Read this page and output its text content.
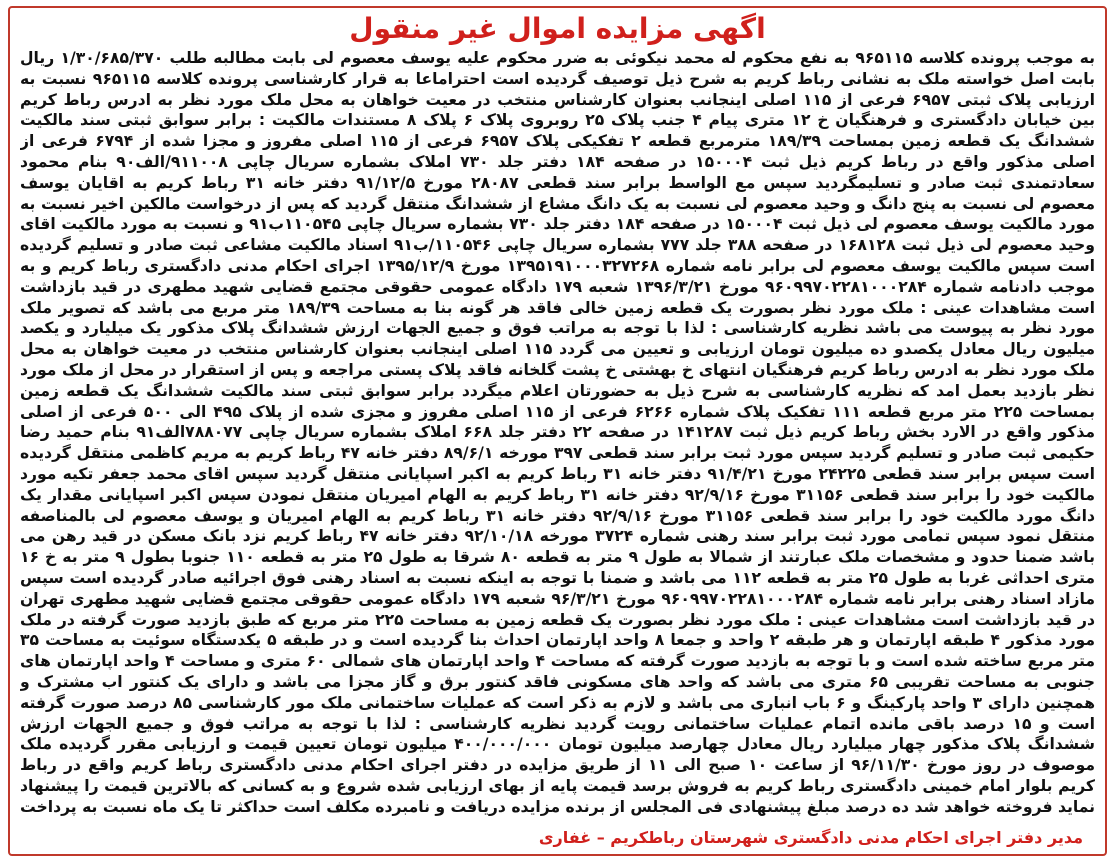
اگهی مزایده اموال غیر منقول

به موجب پرونده کلاسه ۹۶۵۱۱۵ به نفع محکوم له محمد نیکوئی به ضرر محکوم علیه یوسف معصوم لی بابت مطالبه طلب ۱/۳۰/۶۸۵/۳۷۰ ریال بابت اصل خواسته ملک به نشانی رباط کریم به شرح ذیل توصیف گردیده است احتراماعا به قرار کارشناسی پرونده کلاسه ۹۶۵۱۱۵ نسبت به ارزیابی پلاک ثبتی ۶۹۵۷ فرعی از ۱۱۵ اصلی اینجانب بعنوان کارشناس منتخب در معیت خواهان به محل ملک مورد نظر به ادرس رباط کریم بین خیابان دادگستری و فرهنگیان خ ۱۲ متری پیام ۴ جنب پلاک ۲۵ روبروی پلاک ۶ پلاک ۸ مستندات مالکیت : برابر سوابق ثبتی سند مالکیت ششدانگ یک قطعه زمین بمساحت ۱۸۹/۳۹ مترمربع قطعه ۲ تفکیکی پلاک ۶۹۵۷ فرعی از ۱۱۵ اصلی مفروز و مجزا شده از ۶۷۹۴ فرعی از اصلی مذکور واقع در رباط کریم ذیل ثبت ۱۵۰۰۰۴ در صفحه ۱۸۴ دفتر جلد ۷۳۰ املاک بشماره سریال چاپی ۹۱۱۰۰۸/الف۹۰ بنام محمود سعادتمندی ثبت صادر و تسلیمگردید سپس مع الواسط برابر سند قطعی ۲۸۰۸۷ مورخ ۹۱/۱۲/۵ دفتر خانه ۳۱ رباط کریم به اقایان یوسف معصوم لی نسبت به پنج دانگ و وحید معصوم لی نسبت به یک دانگ مشاع از ششدانگ منتقل گردید که پس از درخواست مالکین اخیر نسبت به مورد مالکیت یوسف معصوم لی ذیل ثبت ۱۵۰۰۰۴ در صفحه ۱۸۴ دفتر جلد ۷۳۰ بشماره سریال چاپی ۱۱۰۵۴۵ب۹۱ و نسبت به مورد مالکیت اقای وحید معصوم لی ذیل ثبت ۱۶۸۱۲۸ در صفحه ۳۸۸ جلد ۷۷۷ بشماره سریال چاپی ۱۱۰۵۴۶/ب۹۱ اسناد مالکیت مشاعی ثبت صادر و تسلیم گردیده است سپس مالکیت یوسف معصوم لی برابر نامه شماره ۱۳۹۵۱۹۱۰۰۰۳۲۷۲۶۸ مورخ ۱۳۹۵/۱۲/۹ اجرای احکام مدنی دادگستری رباط کریم و به موجب دادنامه شماره ۹۶۰۹۹۷۰۲۲۸۱۰۰۰۲۸۴ مورخ ۱۳۹۶/۳/۲۱ شعبه ۱۷۹ دادگاه عمومی حقوقی مجتمع قضایی شهید مطهری در قید بازداشت است مشاهدات عینی : ملک مورد نظر بصورت یک قطعه زمین خالی فاقد هر گونه بنا به مساحت ۱۸۹/۳۹ متر مربع می باشد که تصویر ملک مورد نظر به پیوست می باشد نظریه کارشناسی : لذا با توجه به مراتب فوق و جمیع الجهات ارزش ششدانگ پلاک مذکور یک میلیارد و یکصد میلیون ریال معادل یکصدو ده میلیون تومان ارزیابی و تعیین می گردد ۱۱۵ اصلی اینجانب بعنوان کارشناس منتخب در معیت خواهان به محل ملک مورد نظر به ادرس رباط کریم فرهنگیان انتهای خ بهشتی خ پشت گلخانه فاقد پلاک پستی مراجعه و پس از استقرار در محل از ملک مورد نظر بازدید بعمل امد که نظریه کارشناسی به شرح ذیل به حضورتان اعلام میگردد برابر سوابق ثبتی سند مالکیت ششدانگ یک قطعه زمین بمساحت ۲۲۵ متر مربع قطعه ۱۱۱ تفکیک پلاک شماره ۶۲۶۶ فرعی از ۱۱۵ اصلی مفروز و مجزی شده از پلاک ۴۹۵ الی ۵۰۰ فرعی از اصلی مذکور واقع در الارد بخش رباط کریم ذیل ثبت ۱۴۱۲۸۷ در صفحه ۲۲ دفتر جلد ۶۶۸ املاک بشماره سریال چاپی ۷۸۸۰۷۷الف۹۱ بنام حمید رضا حکیمی ثبت صادر و تسلیم گردید سپس مورد ثبت برابر سند قطعی ۳۹۷ مورخه ۸۹/۶/۱ دفتر خانه ۴۷ رباط کریم به مریم کاظمی منتقل گردیده است سپس برابر سند قطعی ۲۴۲۲۵ مورخ ۹۱/۴/۲۱ دفتر خانه ۳۱ رباط کریم به اکبر اسپایانی منتقل گردید سپس اقای محمد جعفر تکیه مورد مالکیت خود را برابر سند قطعی ۳۱۱۵۶ مورخ ۹۲/۹/۱۶ دفتر خانه ۳۱ رباط کریم به الهام امیریان منتقل نمودن سپس اکبر اسپایانی مقدار یک دانگ مورد مالکیت خود را برابر سند قطعی ۳۱۱۵۶ مورخ ۹۲/۹/۱۶ دفتر خانه ۳۱ رباط کریم به الهام امیریان و یوسف معصوم لی بالمناصفه منتقل نمود سپس تمامی مورد ثبت برابر سند رهنی شماره ۳۷۲۴ مورخه ۹۲/۱۰/۱۸ دفتر خانه ۴۷ رباط کریم نزد بانک مسکن در قید رهن می باشد ضمنا حدود و مشخصات ملک عبارتند از شمالا به طول ۹ متر به قطعه ۸۰ شرقا به طول ۲۵ متر به قطعه ۱۱۰ جنوبا بطول ۹ متر به خ ۱۶ متری احداثی غربا به طول ۲۵ متر به قطعه ۱۱۲ می باشد و ضمنا با توجه به اینکه نسبت به اسناد رهنی فوق اجرائیه صادر گردیده است سپس مازاد اسناد رهنی برابر نامه شماره ۹۶۰۹۹۷۰۲۲۸۱۰۰۰۲۸۴ مورخ ۹۶/۳/۲۱ شعبه ۱۷۹ دادگاه عمومی حقوقی مجتمع قضایی شهید مطهری تهران در قید بازداشت است مشاهدات عینی : ملک مورد نظر بصورت یک قطعه زمین به مساحت ۲۲۵ متر مربع که طبق بازدید صورت گرفته در ملک مورد مذکور ۴ طبقه اپارتمان و هر طبقه ۲ واحد و جمعا ۸ واحد اپارتمان احداث بنا گردیده است و در طبقه ۵ یکدستگاه سوئیت به مساحت ۳۵ متر مربع ساخته شده است و با توجه به بازدید صورت گرفته که مساحت ۴ واحد اپارتمان های شمالی ۶۰ متری و مساحت ۴ واحد اپارتمان های جنوبی به مساحت تقریبی ۶۵ متری می باشد که واحد های مسکونی فاقد کنتور برق و گاز مجزا می باشد و دارای یک کنتور اب مشترک و همچنین دارای ۳ واحد پارکینگ و ۶ باب انباری می باشد و لازم به ذکر است که عملیات ساختمانی ملک مور کارشناسی ۸۵ درصد صورت گرفته است و ۱۵ درصد باقی مانده اتمام عملیات ساختمانی رویت گردید نظریه کارشناسی : لذا با توجه به مراتب فوق و جمیع الجهات ارزش ششدانگ پلاک مذکور چهار میلیارد ریال معادل چهارصد میلیون تومان ۴۰۰/۰۰۰/۰۰۰ میلیون تومان تعیین قیمت و ارزیابی مقرر گردیده ملک موصوف در روز مورخ ۹۶/۱۱/۳۰ از ساعت ۱۰ صبح الی ۱۱ از طریق مزایده در دفتر اجرای احکام مدنی دادگستری رباط کریم واقع در رباط کریم بلوار امام خمینی دادگستری رباط کریم به فروش برسد قیمت پایه از بهای ارزیابی شده شروع و به کسانی که بالاترین قیمت را پیشنهاد نماید فروخته خواهد شد ده درصد مبلغ پیشنهادی فی المجلس از برنده مزایده دریافت و نامبرده مکلف است حداکثر تا یک ماه نسبت به پرداخت

مدیر دفتر اجرای احکام مدنی دادگستری شهرستان رباطکریم – غفاری
